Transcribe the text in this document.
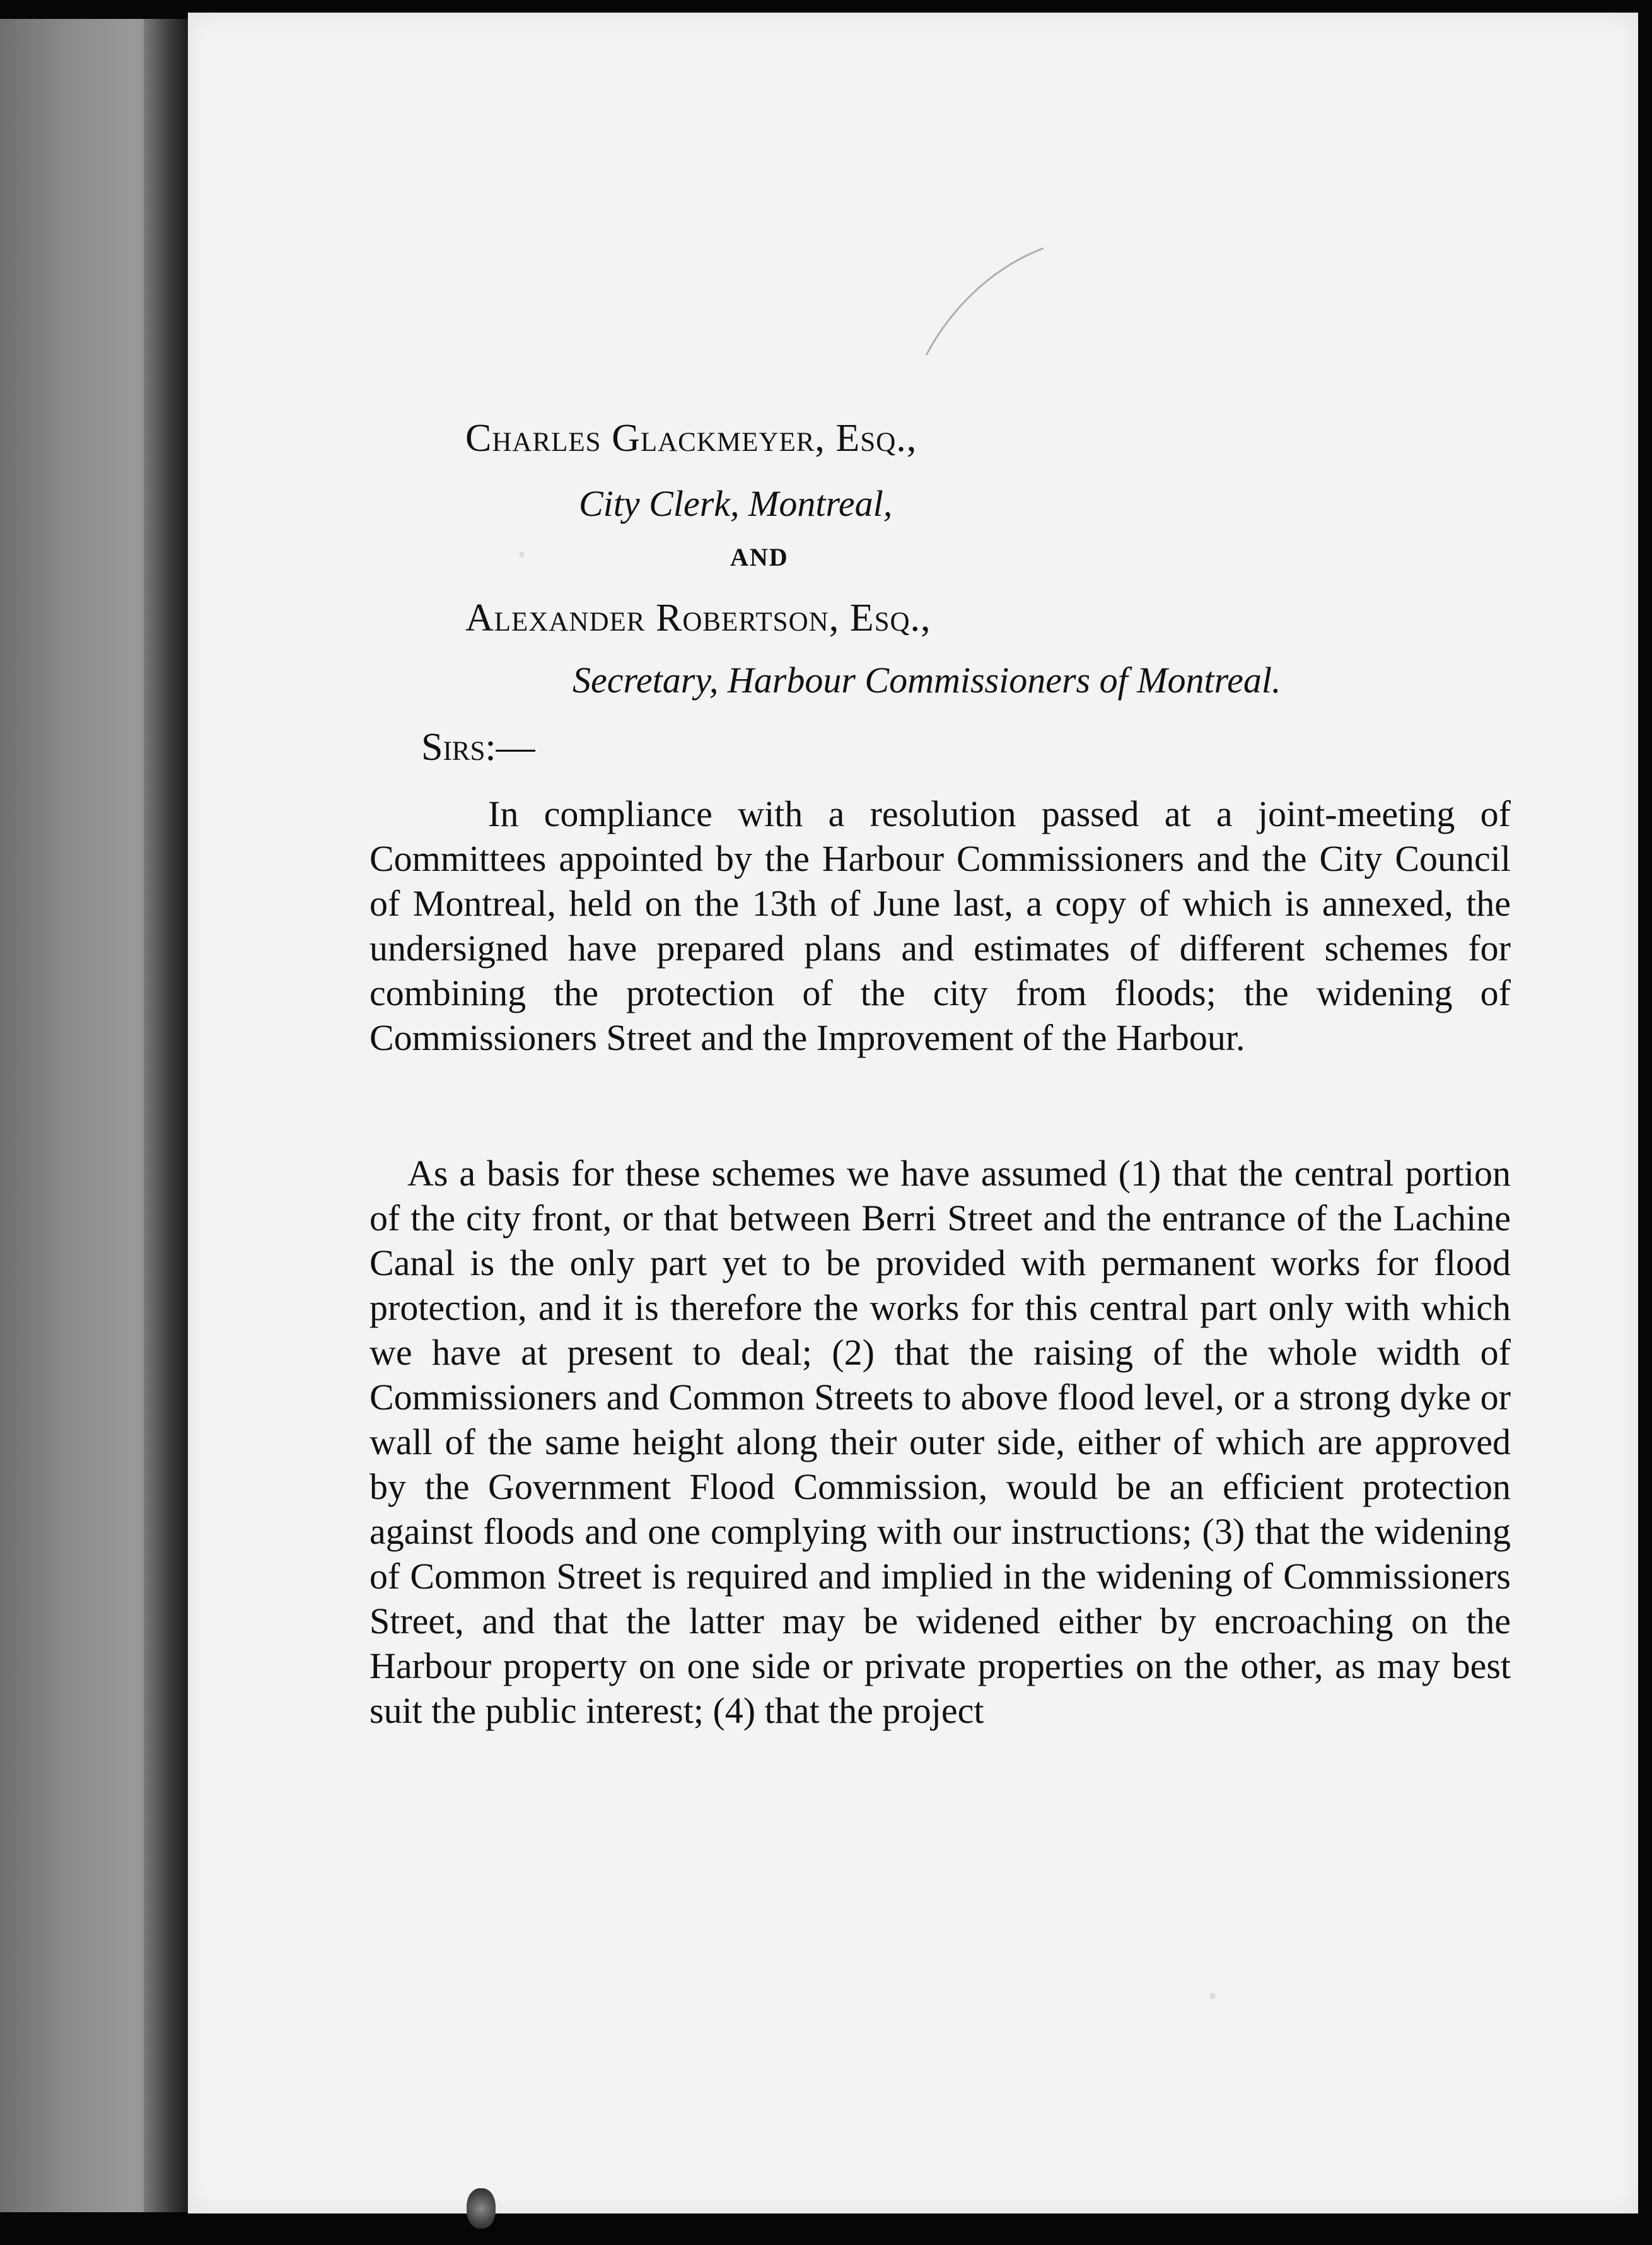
Charles Glackmeyer, Esq.,
City Clerk, Montreal,
AND
Alexander Robertson, Esq.,
Secretary, Harbour Commissioners of Montreal.
Sirs:—

In compliance with a resolution passed at a joint-meeting of Committees appointed by the Harbour Commissioners and the City Council of Montreal, held on the 13th of June last, a copy of which is annexed, the undersigned have prepared plans and estimates of different schemes for combining the protection of the city from floods; the widening of Commissioners Street and the Improvement of the Harbour.

As a basis for these schemes we have assumed (1) that the central portion of the city front, or that between Berri Street and the entrance of the Lachine Canal is the only part yet to be provided with permanent works for flood protection, and it is therefore the works for this central part only with which we have at present to deal; (2) that the raising of the whole width of Commissioners and Common Streets to above flood level, or a strong dyke or wall of the same height along their outer side, either of which are approved by the Government Flood Commission, would be an efficient protection against floods and one complying with our instructions; (3) that the widening of Common Street is required and implied in the widening of Commissioners Street, and that the latter may be widened either by encroaching on the Harbour property on one side or private properties on the other, as may best suit the public interest; (4) that the project
